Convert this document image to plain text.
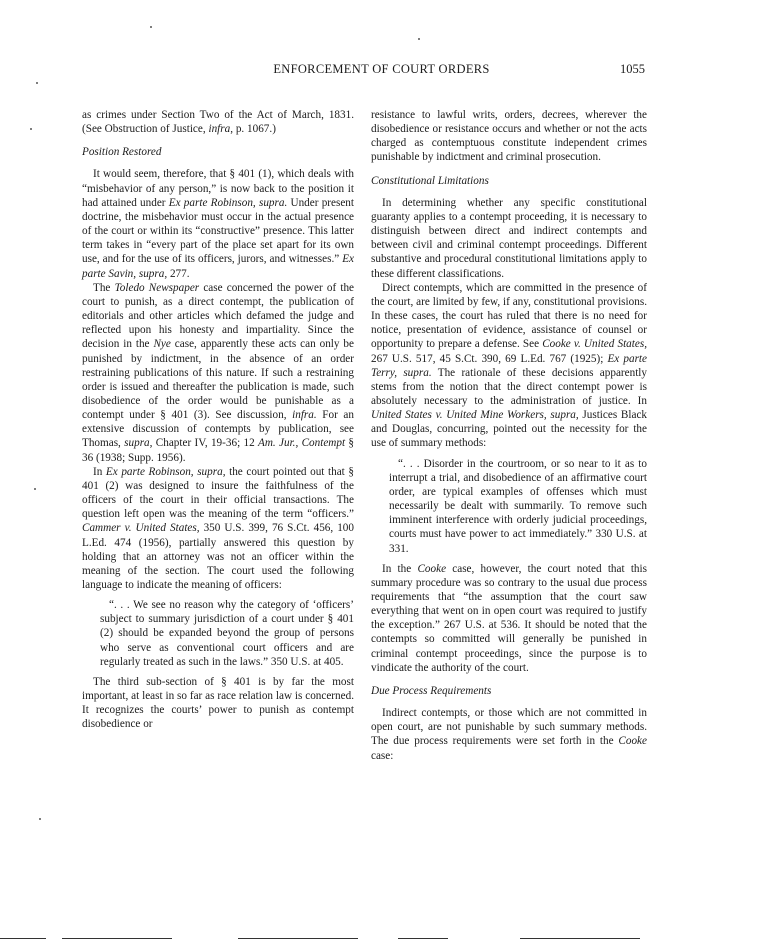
ENFORCEMENT OF COURT ORDERS	1055

as crimes under Section Two of the Act of March, 1831. (See Obstruction of Justice, infra, p. 1067.)

Position Restored

It would seem, therefore, that § 401 (1), which deals with “misbehavior of any person,” is now back to the position it had attained under Ex parte Robinson, supra. Under present doctrine, the misbehavior must occur in the actual presence of the court or within its “constructive” presence. This latter term takes in “every part of the place set apart for its own use, and for the use of its officers, jurors, and witnesses.” Ex parte Savin, supra, 277.

The Toledo Newspaper case concerned the power of the court to punish, as a direct contempt, the publication of editorials and other articles which defamed the judge and reflected upon his honesty and impartiality. Since the decision in the Nye case, apparently these acts can only be punished by indictment, in the absence of an order restraining publications of this nature. If such a restraining order is issued and thereafter the publication is made, such disobedience of the order would be punishable as a contempt under § 401 (3). See discussion, infra. For an extensive discussion of contempts by publication, see Thomas, supra, Chapter IV, 19-36; 12 Am. Jur., Contempt § 36 (1938; Supp. 1956).

In Ex parte Robinson, supra, the court pointed out that § 401 (2) was designed to insure the faithfulness of the officers of the court in their official transactions. The question left open was the meaning of the term “officers.” Cammer v. United States, 350 U.S. 399, 76 S.Ct. 456, 100 L.Ed. 474 (1956), partially answered this question by holding that an attorney was not an officer within the meaning of the section. The court used the following language to indicate the meaning of officers:

“. . . We see no reason why the category of ‘officers’ subject to summary jurisdiction of a court under § 401 (2) should be expanded beyond the group of persons who serve as conventional court officers and are regularly treated as such in the laws.” 350 U.S. at 405.

The third sub-section of § 401 is by far the most important, at least in so far as race relation law is concerned. It recognizes the courts’ power to punish as contempt disobedience or

resistance to lawful writs, orders, decrees, wherever the disobedience or resistance occurs and whether or not the acts charged as contemptuous constitute independent crimes punishable by indictment and criminal prosecution.

Constitutional Limitations

In determining whether any specific constitutional guaranty applies to a contempt proceeding, it is necessary to distinguish between direct and indirect contempts and between civil and criminal contempt proceedings. Different substantive and procedural constitutional limitations apply to these different classifications.

Direct contempts, which are committed in the presence of the court, are limited by few, if any, constitutional provisions. In these cases, the court has ruled that there is no need for notice, presentation of evidence, assistance of counsel or opportunity to prepare a defense. See Cooke v. United States, 267 U.S. 517, 45 S.Ct. 390, 69 L.Ed. 767 (1925); Ex parte Terry, supra. The rationale of these decisions apparently stems from the notion that the direct contempt power is absolutely necessary to the administration of justice. In United States v. United Mine Workers, supra, Justices Black and Douglas, concurring, pointed out the necessity for the use of summary methods:

“. . . Disorder in the courtroom, or so near to it as to interrupt a trial, and disobedience of an affirmative court order, are typical examples of offenses which must necessarily be dealt with summarily. To remove such imminent interference with orderly judicial proceedings, courts must have power to act immediately.” 330 U.S. at 331.

In the Cooke case, however, the court noted that this summary procedure was so contrary to the usual due process requirements that “the assumption that the court saw everything that went on in open court was required to justify the exception.” 267 U.S. at 536. It should be noted that the contempts so committed will generally be punished in criminal contempt proceedings, since the purpose is to vindicate the authority of the court.

Due Process Requirements

Indirect contempts, or those which are not committed in open court, are not punishable by such summary methods. The due process requirements were set forth in the Cooke case:
